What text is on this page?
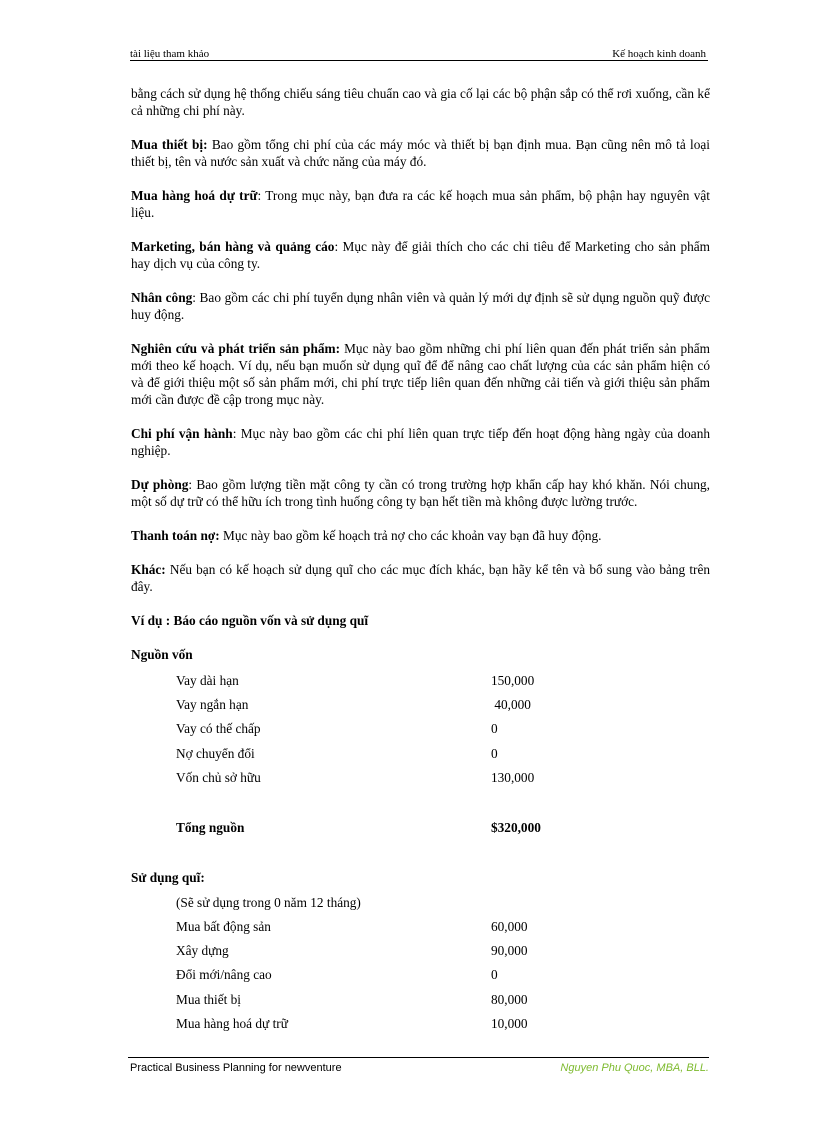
tài liệu tham khảo	Kế hoạch kinh doanh

bằng cách sử dụng hệ thống chiếu sáng tiêu chuẩn cao và gia cố lại các bộ phận sắp có thể rơi xuống, cần kể cả những chi phí này.

Mua thiết bị: Bao gồm tổng chi phí của các máy móc và thiết bị bạn định mua. Bạn cũng nên mô tả loại thiết bị, tên và nước sản xuất và chức năng của máy đó.

Mua hàng hoá dự trữ: Trong mục này, bạn đưa ra các kế hoạch mua sản phẩm, bộ phận hay nguyên vật liệu.

Marketing, bán hàng và quảng cáo: Mục này để giải thích cho các chi tiêu để Marketing cho sản phẩm hay dịch vụ của công ty.

Nhân công: Bao gồm các chi phí tuyển dụng nhân viên và quản lý mới dự định sẽ sử dụng nguồn quỹ được huy động.

Nghiên cứu và phát triển sản phẩm: Mục này bao gồm những chi phí liên quan đến phát triển sản phẩm mới theo kế hoạch. Ví dụ, nếu bạn muốn sử dụng quĩ để để nâng cao chất lượng của các sản phẩm hiện có và để giới thiệu một số sản phẩm mới, chi phí trực tiếp liên quan đến những cải tiến và giới thiệu sản phẩm mới cần được đề cập trong mục này.

Chi phí vận hành: Mục này bao gồm các chi phí liên quan trực tiếp đến hoạt động hàng ngày của doanh nghiệp.

Dự phòng: Bao gồm lượng tiền mặt công ty cần có trong trường hợp khẩn cấp hay khó khăn. Nói chung, một số dự trữ có thể hữu ích trong tình huống công ty bạn hết tiền mà không được lường trước.

Thanh toán nợ: Mục này bao gồm kế hoạch trả nợ cho các khoản vay bạn đã huy động.

Khác: Nếu bạn có kế hoạch sử dụng quĩ cho các mục đích khác, bạn hãy kể tên và bổ sung vào bảng trên đây.

Ví dụ : Báo cáo nguồn vốn và sử dụng quĩ

Nguồn vốn
Vay dài hạn	150,000
Vay ngắn hạn	40,000
Vay có thế chấp	0
Nợ chuyển đổi	0
Vốn chủ sở hữu	130,000
Tổng nguồn	$320,000
Sử dụng quĩ:
(Sẽ sử dụng trong 0 năm 12 tháng)
Mua bất động sản	60,000
Xây dựng	90,000
Đổi mới/nâng cao	0
Mua thiết bị	80,000
Mua hàng hoá dự trữ	10,000
Practical Business Planning for newventure	Nguyen Phu Quoc, MBA, BLL.
